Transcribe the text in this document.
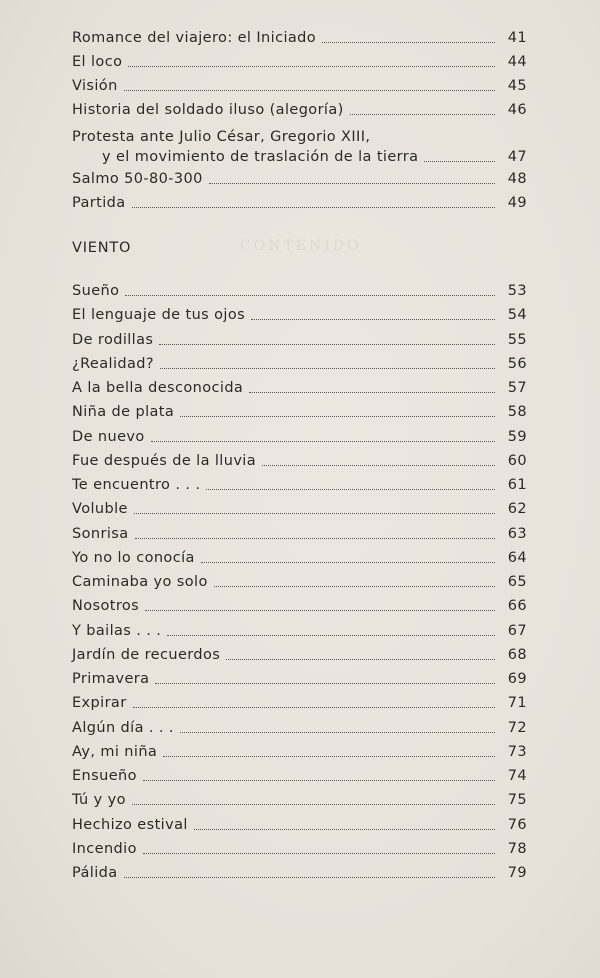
CONTENIDO
Romance del viajero: el Iniciado	41
El loco	44
Visión	45
Historia del soldado iluso (alegoría)	46
Protesta ante Julio César, Gregorio XIII,
y el movimiento de traslación de la tierra	47
Salmo 50-80-300	48
Partida	49
Sueño	53
El lenguaje de tus ojos	54
De rodillas	55
¿Realidad?	56
A la bella desconocida	57
Niña de plata	58
De nuevo	59
Fue después de la lluvia	60
Te encuentro . . .	61
Voluble	62
Sonrisa	63
Yo no lo conocía	64
Caminaba yo solo	65
Nosotros	66
Y bailas . . .	67
Jardín de recuerdos	68
Primavera	69
Expirar	71
Algún día . . .	72
Ay, mi niña	73
Ensueño	74
Tú y yo	75
Hechizo estival	76
Incendio	78
Pálida	79
VIENTO
